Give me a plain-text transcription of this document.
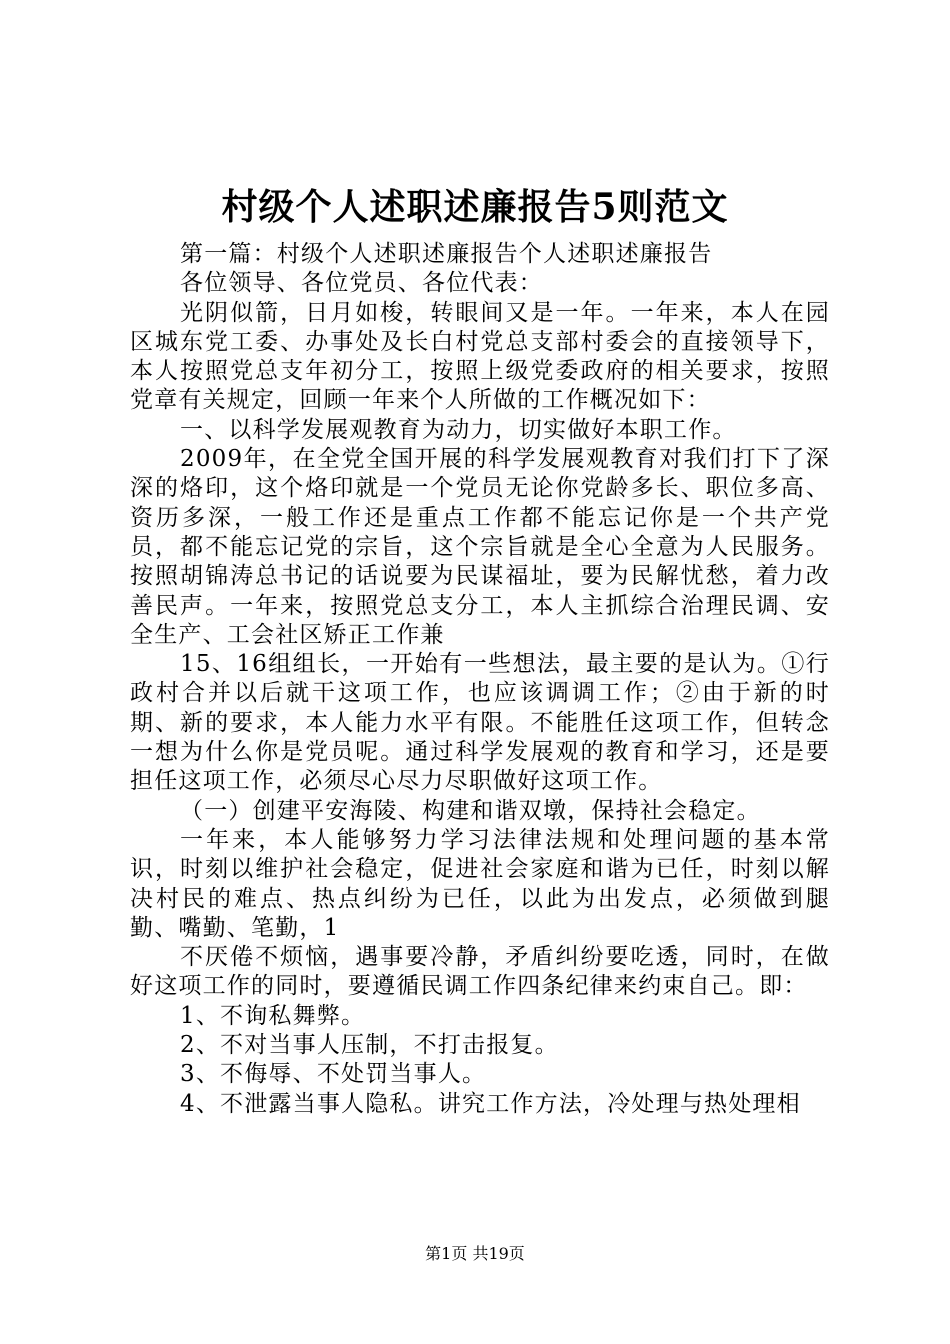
村级个人述职述廉报告5则范文

第一篇：村级个人述职述廉报告个人述职述廉报告

各位领导、各位党员、各位代表：

光阴似箭，日月如梭，转眼间又是一年。一年来，本人在园区城东党工委、办事处及长白村党总支部村委会的直接领导下，本人按照党总支年初分工，按照上级党委政府的相关要求，按照党章有关规定，回顾一年来个人所做的工作概况如下：

一、以科学发展观教育为动力，切实做好本职工作。

2009年，在全党全国开展的科学发展观教育对我们打下了深深的烙印，这个烙印就是一个党员无论你党龄多长、职位多高、资历多深，一般工作还是重点工作都不能忘记你是一个共产党员，都不能忘记党的宗旨，这个宗旨就是全心全意为人民服务。按照胡锦涛总书记的话说要为民谋福址，要为民解忧愁，着力改善民声。一年来，按照党总支分工，本人主抓综合治理民调、安全生产、工会社区矫正工作兼

15、16组组长，一开始有一些想法，最主要的是认为。①行政村合并以后就干这项工作，也应该调调工作；②由于新的时期、新的要求，本人能力水平有限。不能胜任这项工作，但转念一想为什么你是党员呢。通过科学发展观的教育和学习，还是要担任这项工作，必须尽心尽力尽职做好这项工作。

（一）创建平安海陵、构建和谐双墩，保持社会稳定。

一年来，本人能够努力学习法律法规和处理问题的基本常识，时刻以维护社会稳定，促进社会家庭和谐为已任，时刻以解决村民的难点、热点纠纷为已任，以此为出发点，必须做到腿勤、嘴勤、笔勤，1

不厌倦不烦恼，遇事要冷静，矛盾纠纷要吃透，同时，在做好这项工作的同时，要遵循民调工作四条纪律来约束自己。即：

1、不询私舞弊。

2、不对当事人压制，不打击报复。

3、不侮辱、不处罚当事人。

4、不泄露当事人隐私。讲究工作方法，冷处理与热处理相

第1页 共19页
